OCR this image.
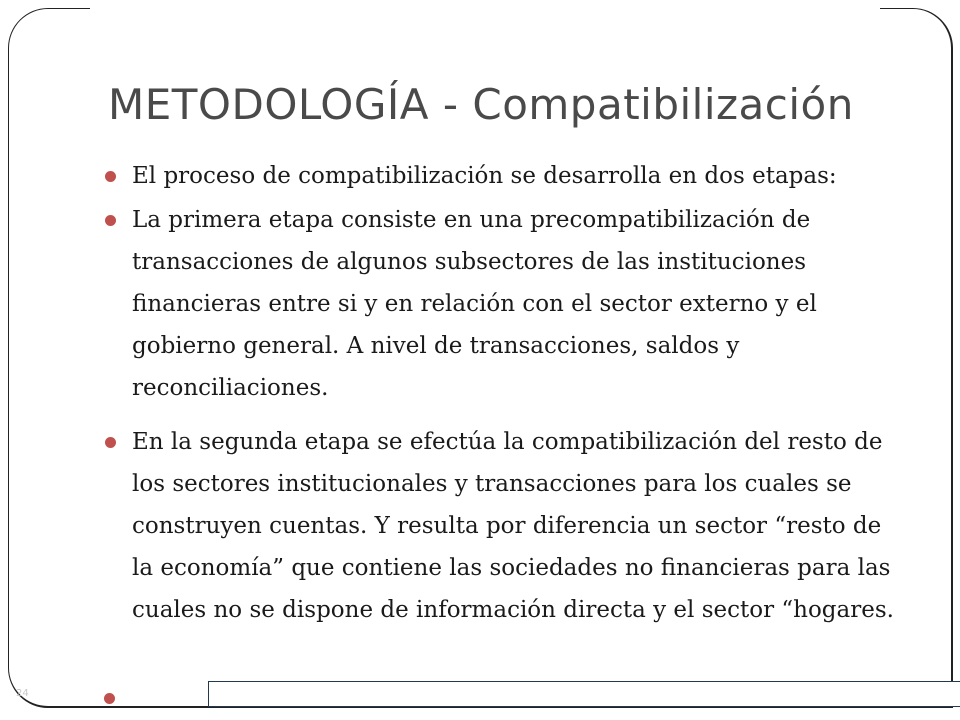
METODOLOGÍA - Compatibilización
El proceso de compatibilización se desarrolla en dos etapas:
La primera etapa consiste en una precompatibilización de transacciones de algunos subsectores de las instituciones financieras entre si y en relación con el sector externo y el gobierno general. A nivel de transacciones, saldos y reconciliaciones.
En la segunda etapa se efectúa la compatibilización del resto de los sectores institucionales y transacciones para los cuales se construyen cuentas. Y resulta por diferencia un sector “resto de la economía” que contiene las sociedades no financieras para las cuales no se dispone de información directa y el sector “hogares.
24
